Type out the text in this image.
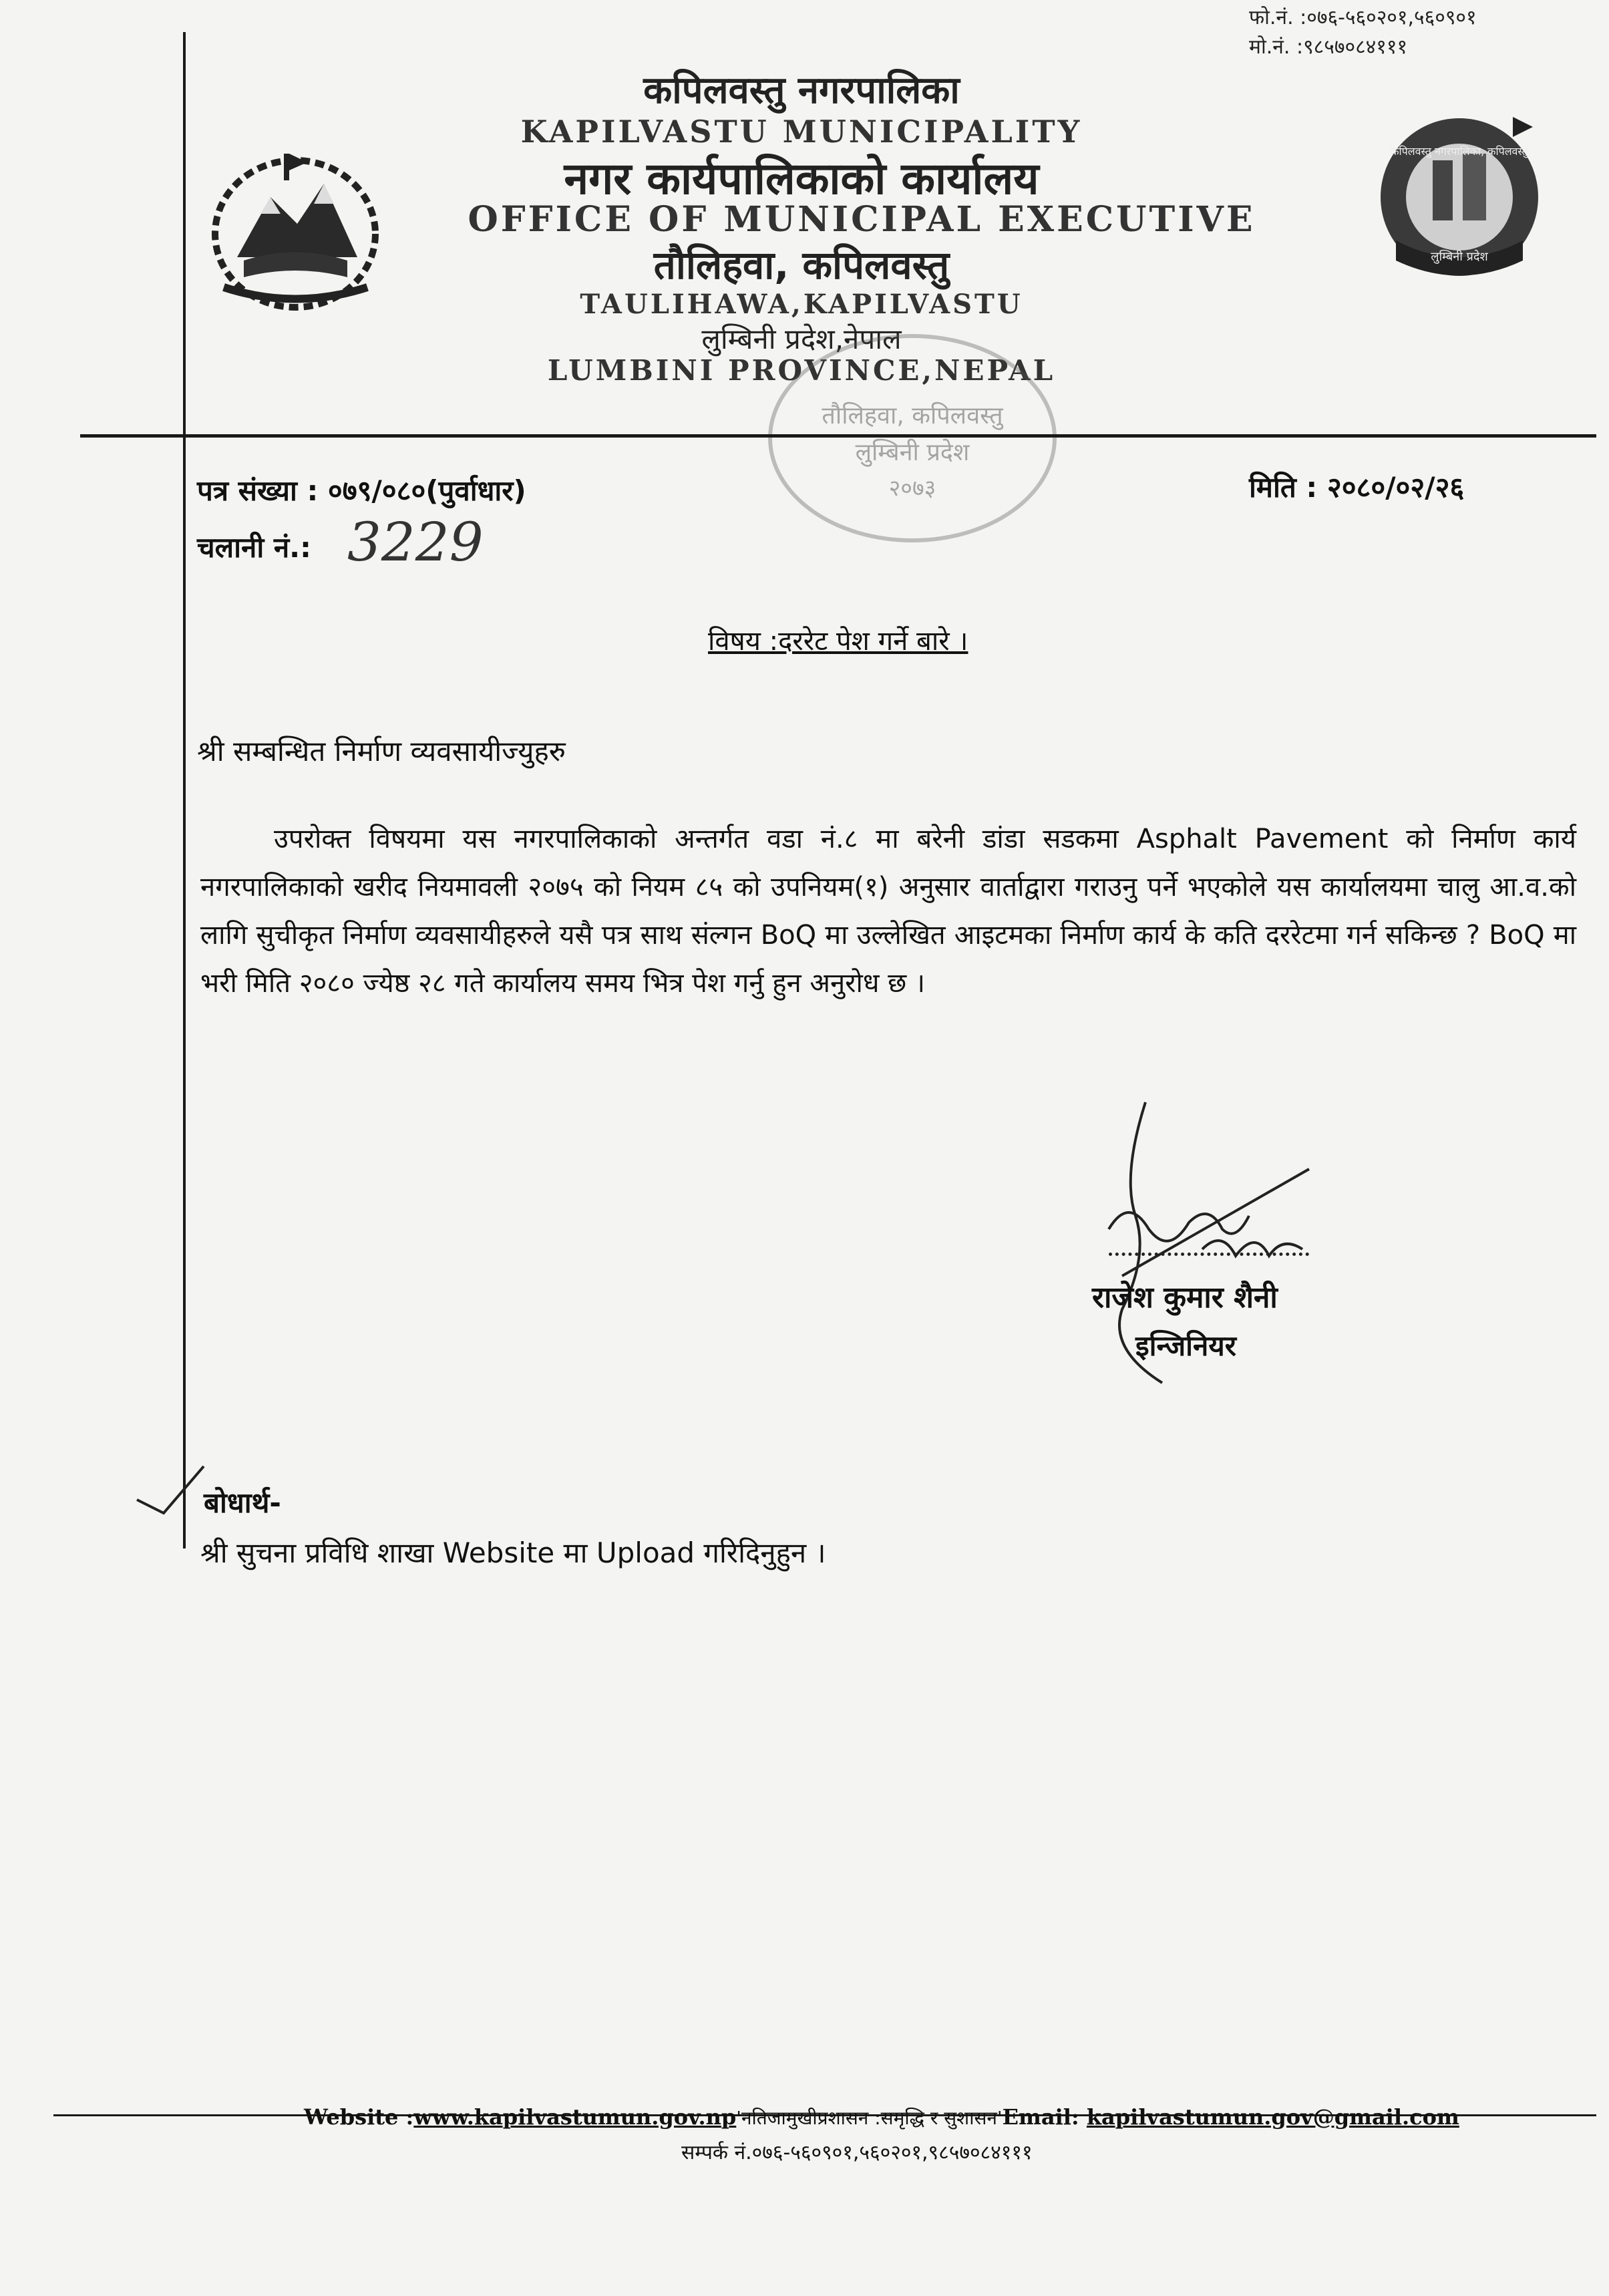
फो.नं. :०७६-५६०२०१,५६०९०१
मो.नं. :९८५७०८४१११
कपिलवस्तु नगरपालिका, कपिलवस्तु
लुम्बिनी प्रदेश
कपिलवस्तु नगरपालिका
KAPILVASTU MUNICIPALITY
नगर कार्यपालिकाको कार्यालय
OFFICE OF MUNICIPAL EXECUTIVE
तौलिहवा, कपिलवस्तु
TAULIHAWA,KAPILVASTU
लुम्बिनी प्रदेश,नेपाल
LUMBINI PROVINCE,NEPAL
तौलिहवा, कपिलवस्तु
लुम्बिनी प्रदेश
२०७३
पत्र संख्या : ०७९/०८०(पुर्वाधार)
चलानी नं.: 3229
मिति : २०८०/०२/२६
विषय :दररेट पेश गर्ने बारे ।
श्री सम्बन्धित निर्माण व्यवसायीज्युहरु
उपरोक्त विषयमा यस नगरपालिकाको अन्तर्गत वडा नं.८ मा बरेनी डांडा सडकमा Asphalt Pavement को निर्माण कार्य नगरपालिकाको खरीद नियमावली २०७५ को नियम ८५ को उपनियम(१) अनुसार वार्ताद्वारा गराउनु पर्ने भएकोले यस कार्यालयमा चालु आ.व.को लागि सुचीकृत निर्माण व्यवसायीहरुले यसै पत्र साथ संल्गन BoQ मा उल्लेखित आइटमका निर्माण कार्य के कति दररेटमा गर्न सकिन्छ ? BoQ मा भरी मिति २०८० ज्येष्ठ २८ गते कार्यालय समय भित्र पेश गर्नु हुन अनुरोध छ ।
राजेश कुमार शैनी
इन्जिनियर
बोधार्थ-
श्री सुचना प्रविधि शाखा Website मा Upload गरिदिनुहुन ।
Website :www.kapilvastumun.gov.np'नतिजामुखीप्रशासन :समृद्धि र सुशासन'Email: kapilvastumun.gov@gmail.com
सम्पर्क नं.०७६-५६०९०१,५६०२०१,९८५७०८४१११
